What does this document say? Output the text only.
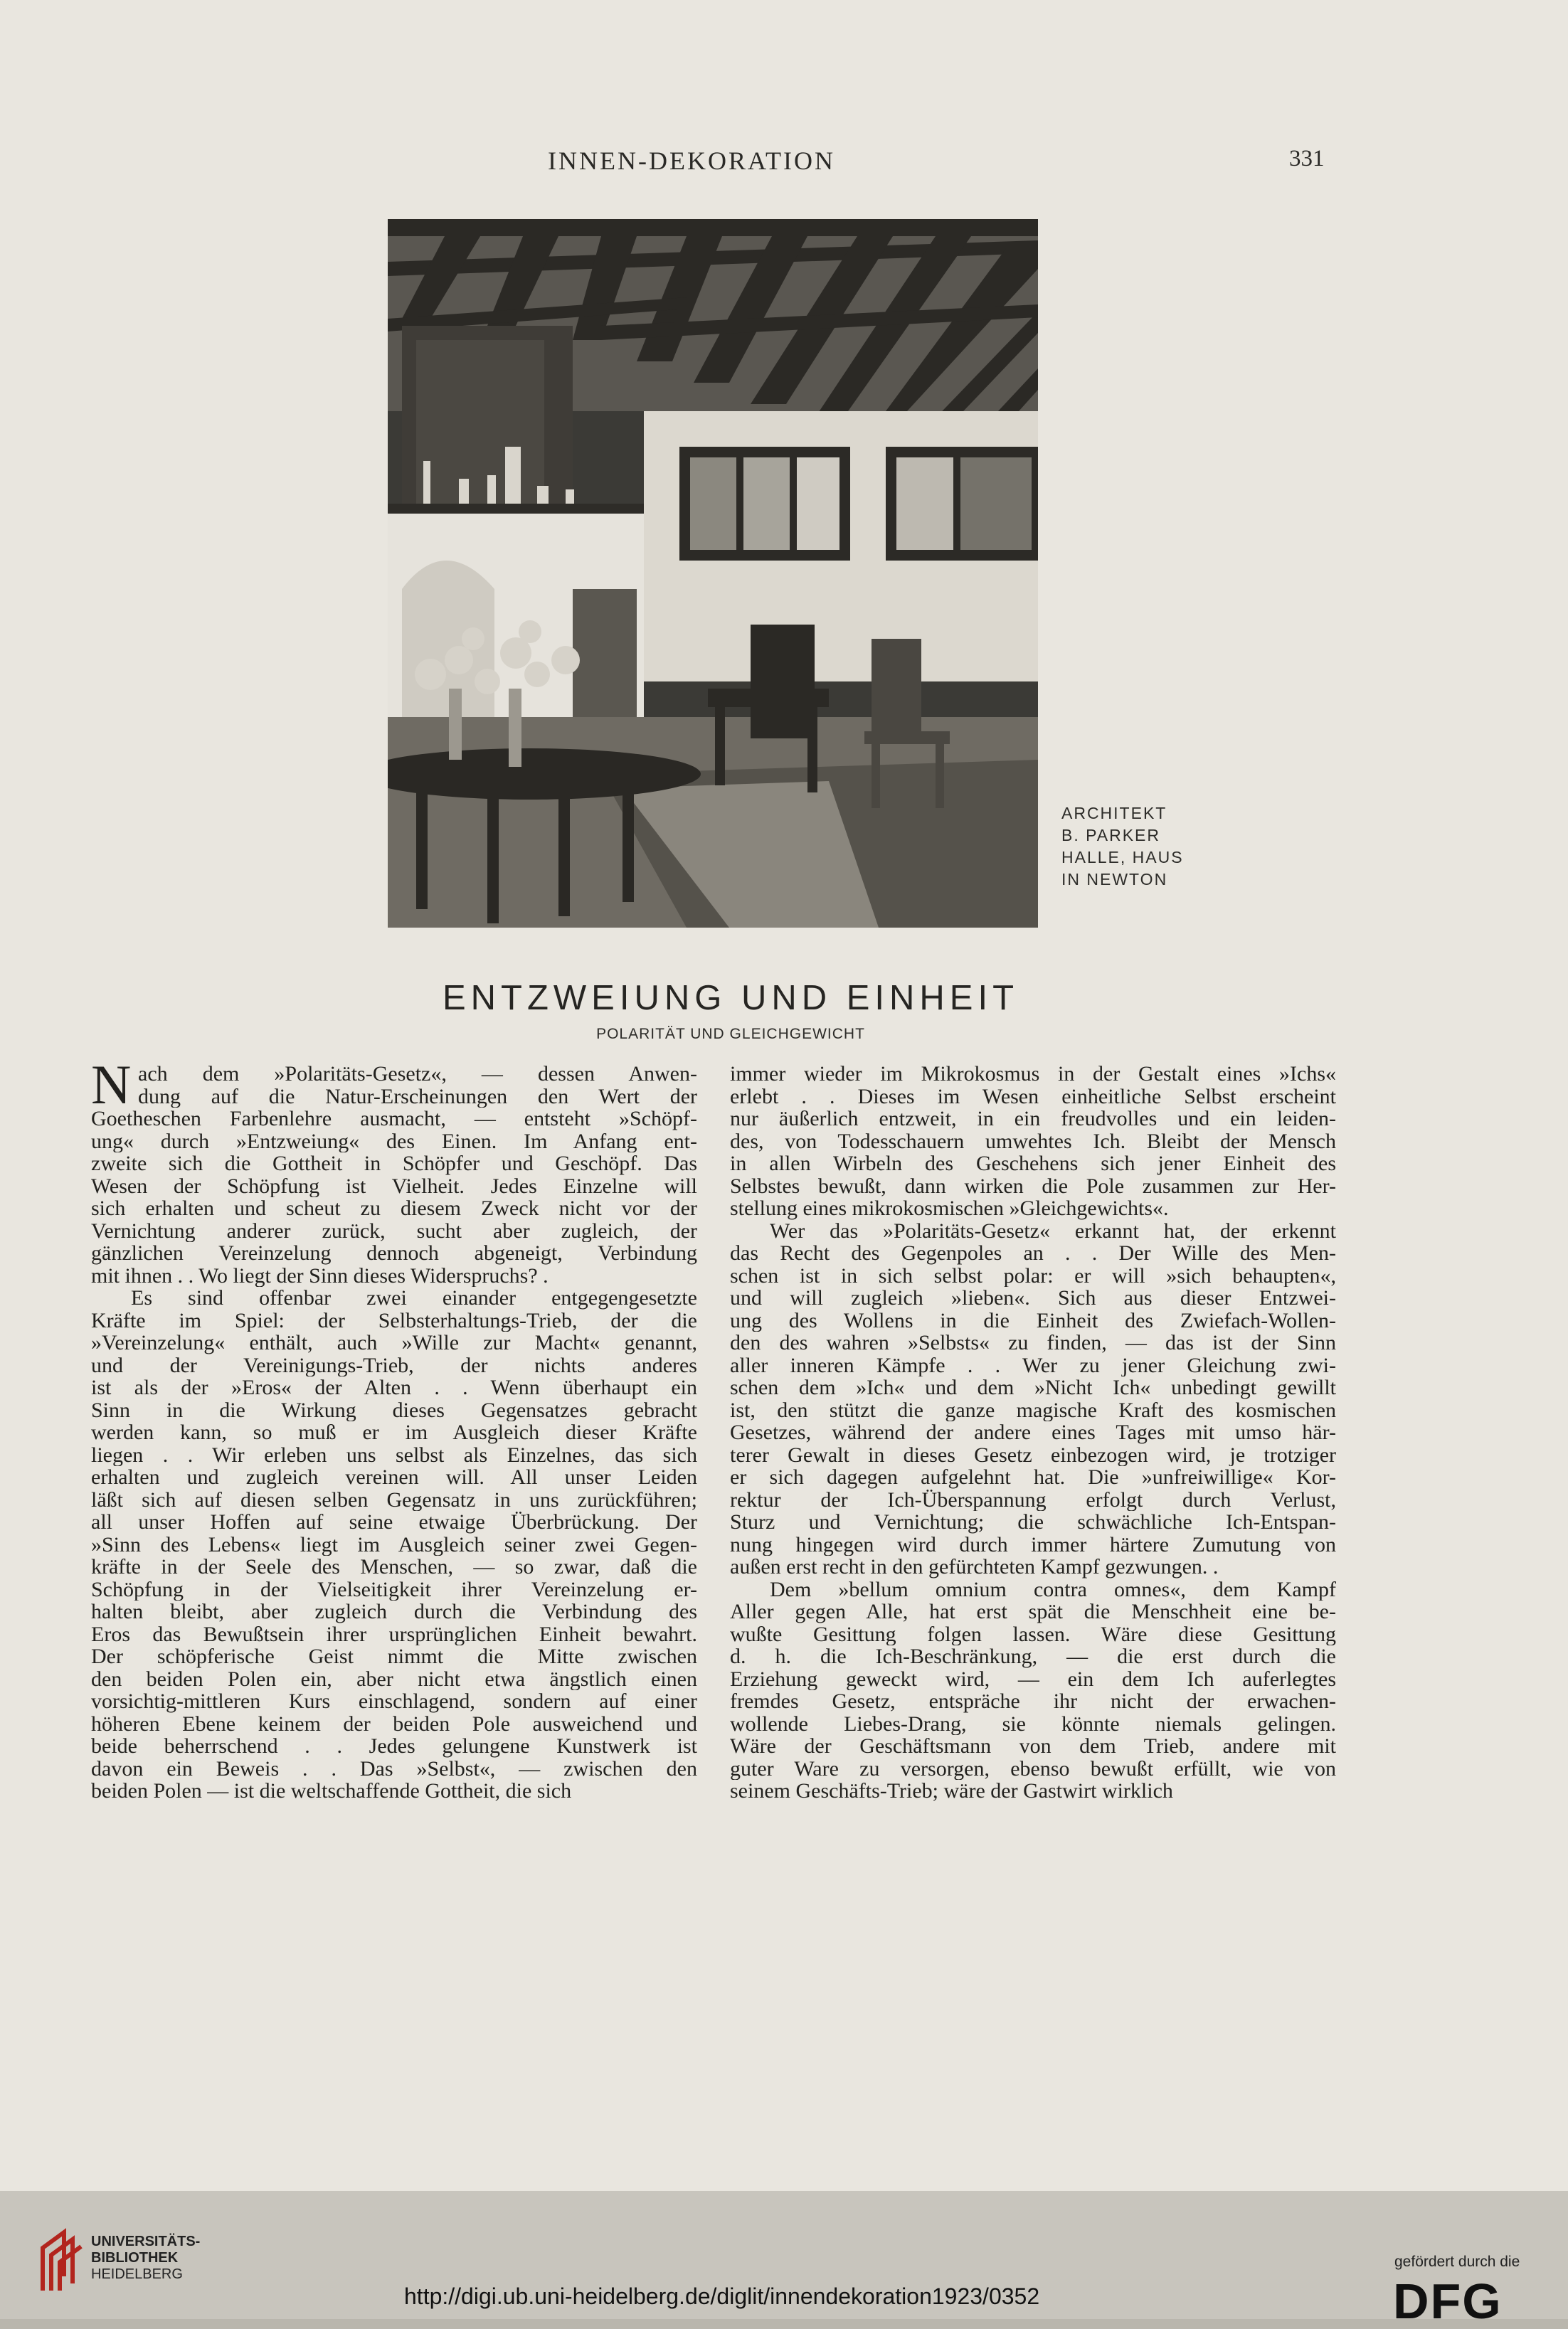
INNEN-DEKORATION	331
ARCHITEKT
B. PARKER
HALLE, HAUS
IN NEWTON
ENTZWEIUNG UND EINHEIT
POLARITÄT UND GLEICHGEWICHT
N ach dem »Polaritäts-Gesetz«, — dessen Anwen-
dung auf die Natur-Erscheinungen den Wert der
Goetheschen Farbenlehre ausmacht, — entsteht »Schöpf-
ung« durch »Entzweiung« des Einen. Im Anfang ent-
zweite sich die Gottheit in Schöpfer und Geschöpf. Das
Wesen der Schöpfung ist Vielheit. Jedes Einzelne will
sich erhalten und scheut zu diesem Zweck nicht vor der
Vernichtung anderer zurück, sucht aber zugleich, der
gänzlichen Vereinzelung dennoch abgeneigt, Verbindung
mit ihnen . . Wo liegt der Sinn dieses Widerspruchs? .
Es sind offenbar zwei einander entgegengesetzte
Kräfte im Spiel: der Selbsterhaltungs-Trieb, der die
»Vereinzelung« enthält, auch »Wille zur Macht« genannt,
und der Vereinigungs-Trieb, der nichts anderes
ist als der »Eros« der Alten . . Wenn überhaupt ein
Sinn in die Wirkung dieses Gegensatzes gebracht
werden kann, so muß er im Ausgleich dieser Kräfte
liegen . . Wir erleben uns selbst als Einzelnes, das sich
erhalten und zugleich vereinen will. All unser Leiden
läßt sich auf diesen selben Gegensatz in uns zurückführen;
all unser Hoffen auf seine etwaige Überbrückung. Der
»Sinn des Lebens« liegt im Ausgleich seiner zwei Gegen-
kräfte in der Seele des Menschen, — so zwar, daß die
Schöpfung in der Vielseitigkeit ihrer Vereinzelung er-
halten bleibt, aber zugleich durch die Verbindung des
Eros das Bewußtsein ihrer ursprünglichen Einheit bewahrt.
Der schöpferische Geist nimmt die Mitte zwischen
den beiden Polen ein, aber nicht etwa ängstlich einen
vorsichtig-mittleren Kurs einschlagend, sondern auf einer
höheren Ebene keinem der beiden Pole ausweichend und
beide beherrschend . . Jedes gelungene Kunstwerk ist
davon ein Beweis . . Das »Selbst«, — zwischen den
beiden Polen — ist die weltschaffende Gottheit, die sich
immer wieder im Mikrokosmus in der Gestalt eines »Ichs«
erlebt . . Dieses im Wesen einheitliche Selbst erscheint
nur äußerlich entzweit, in ein freudvolles und ein leiden-
des, von Todesschauern umwehtes Ich. Bleibt der Mensch
in allen Wirbeln des Geschehens sich jener Einheit des
Selbstes bewußt, dann wirken die Pole zusammen zur Her-
stellung eines mikrokosmischen »Gleichgewichts«.
Wer das »Polaritäts-Gesetz« erkannt hat, der erkennt
das Recht des Gegenpoles an . . Der Wille des Men-
schen ist in sich selbst polar: er will »sich behaupten«,
und will zugleich »lieben«. Sich aus dieser Entzwei-
ung des Wollens in die Einheit des Zwiefach-Wollen-
den des wahren »Selbsts« zu finden, — das ist der Sinn
aller inneren Kämpfe . . Wer zu jener Gleichung zwi-
schen dem »Ich« und dem »Nicht Ich« unbedingt gewillt
ist, den stützt die ganze magische Kraft des kosmischen
Gesetzes, während der andere eines Tages mit umso här-
terer Gewalt in dieses Gesetz einbezogen wird, je trotziger
er sich dagegen aufgelehnt hat. Die »unfreiwillige« Kor-
rektur der Ich-Überspannung erfolgt durch Verlust,
Sturz und Vernichtung; die schwächliche Ich-Entspan-
nung hingegen wird durch immer härtere Zumutung von
außen erst recht in den gefürchteten Kampf gezwungen. .
Dem »bellum omnium contra omnes«, dem Kampf
Aller gegen Alle, hat erst spät die Menschheit eine be-
wußte Gesittung folgen lassen. Wäre diese Gesittung
d. h. die Ich-Beschränkung, — die erst durch die
Erziehung geweckt wird, — ein dem Ich auferlegtes
fremdes Gesetz, entspräche ihr nicht der erwachen-
wollende Liebes-Drang, sie könnte niemals gelingen.
Wäre der Geschäftsmann von dem Trieb, andere mit
guter Ware zu versorgen, ebenso bewußt erfüllt, wie von
seinem Geschäfts-Trieb; wäre der Gastwirt wirklich
UNIVERSITÄTS-
BIBLIOTHEK
HEIDELBERG
http://digi.ub.uni-heidelberg.de/diglit/innendekoration1923/0352
gefördert durch die
DFG
